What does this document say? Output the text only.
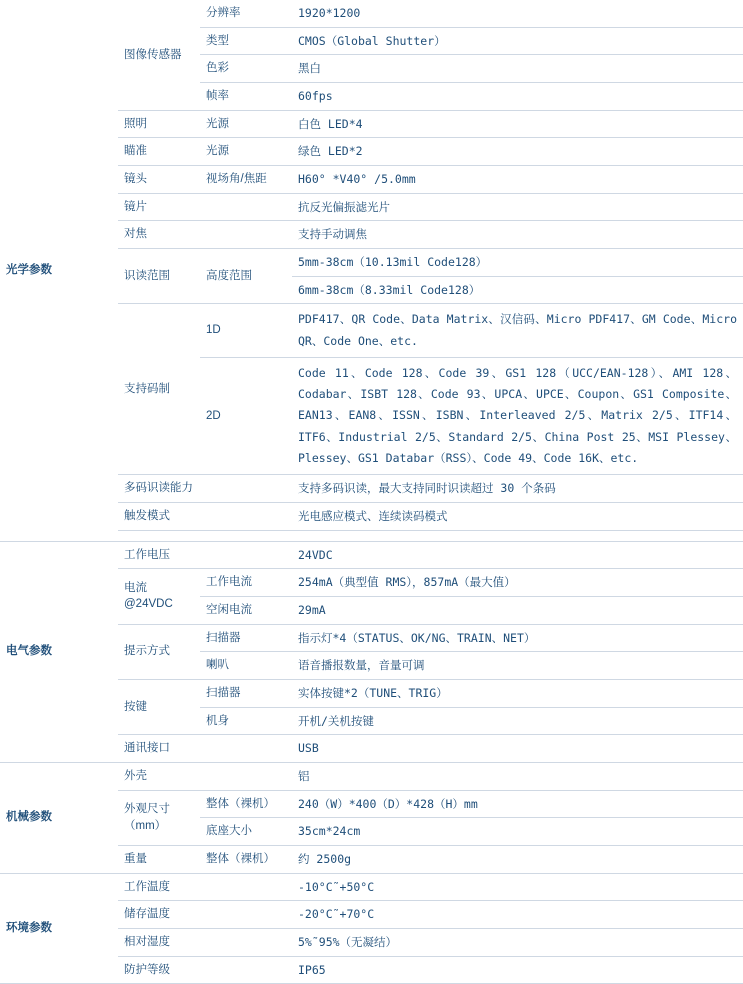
光学参数	图像传感器	分辨率	1920*1200
		类型	CMOS（Global Shutter）
		色彩	黑白
		帧率	60fps
	照明	光源	白色 LED*4
	瞄准	光源	绿色 LED*2
	镜头	视场角/焦距	H60° *V40° /5.0mm
	镜片		抗反光偏振滤光片
	对焦		支持手动调焦
	识读范围	高度范围	5mm-38cm（10.13mil Code128）
			6mm-38cm（8.33mil Code128）
	支持码制	1D	PDF417、QR Code、Data Matrix、汉信码、Micro PDF417、GM Code、Micro QR、Code One、etc.
		2D	Code 11、Code 128、Code 39、GS1 128（UCC/EAN-128）、AMI 128、Codabar、ISBT 128、Code 93、UPCA、UPCE、Coupon、GS1 Composite、EAN13、EAN8、ISSN、ISBN、Interleaved 2/5、Matrix 2/5、ITF14、ITF6、Industrial 2/5、Standard 2/5、China Post 25、MSI Plessey、Plessey、GS1 Databar（RSS）、Code 49、Code 16K、etc.
	多码识读能力		支持多码识读，最大支持同时识读超过 30 个条码
	触发模式		光电感应模式、连续读码模式

电气参数	工作电压		24VDC
	电流@24VDC	工作电流	254mA（典型值 RMS），857mA（最大值）
		空闲电流	29mA
	提示方式	扫描器	指示灯*4（STATUS、OK/NG、TRAIN、NET）
		喇叭	语音播报数量，音量可调
	按键	扫描器	实体按键*2（TUNE、TRIG）
		机身	开机/关机按键
	通讯接口		USB
机械参数	外壳		铝
	外观尺寸（mm）	整体（裸机）	240（W）*400（D）*428（H）mm
		底座大小	35cm*24cm
	重量	整体（裸机）	约 2500g
环境参数	工作温度		-10°C˜+50°C
	储存温度		-20°C˜+70°C
	相对湿度		5%˜95%（无凝结）
	防护等级		IP65
